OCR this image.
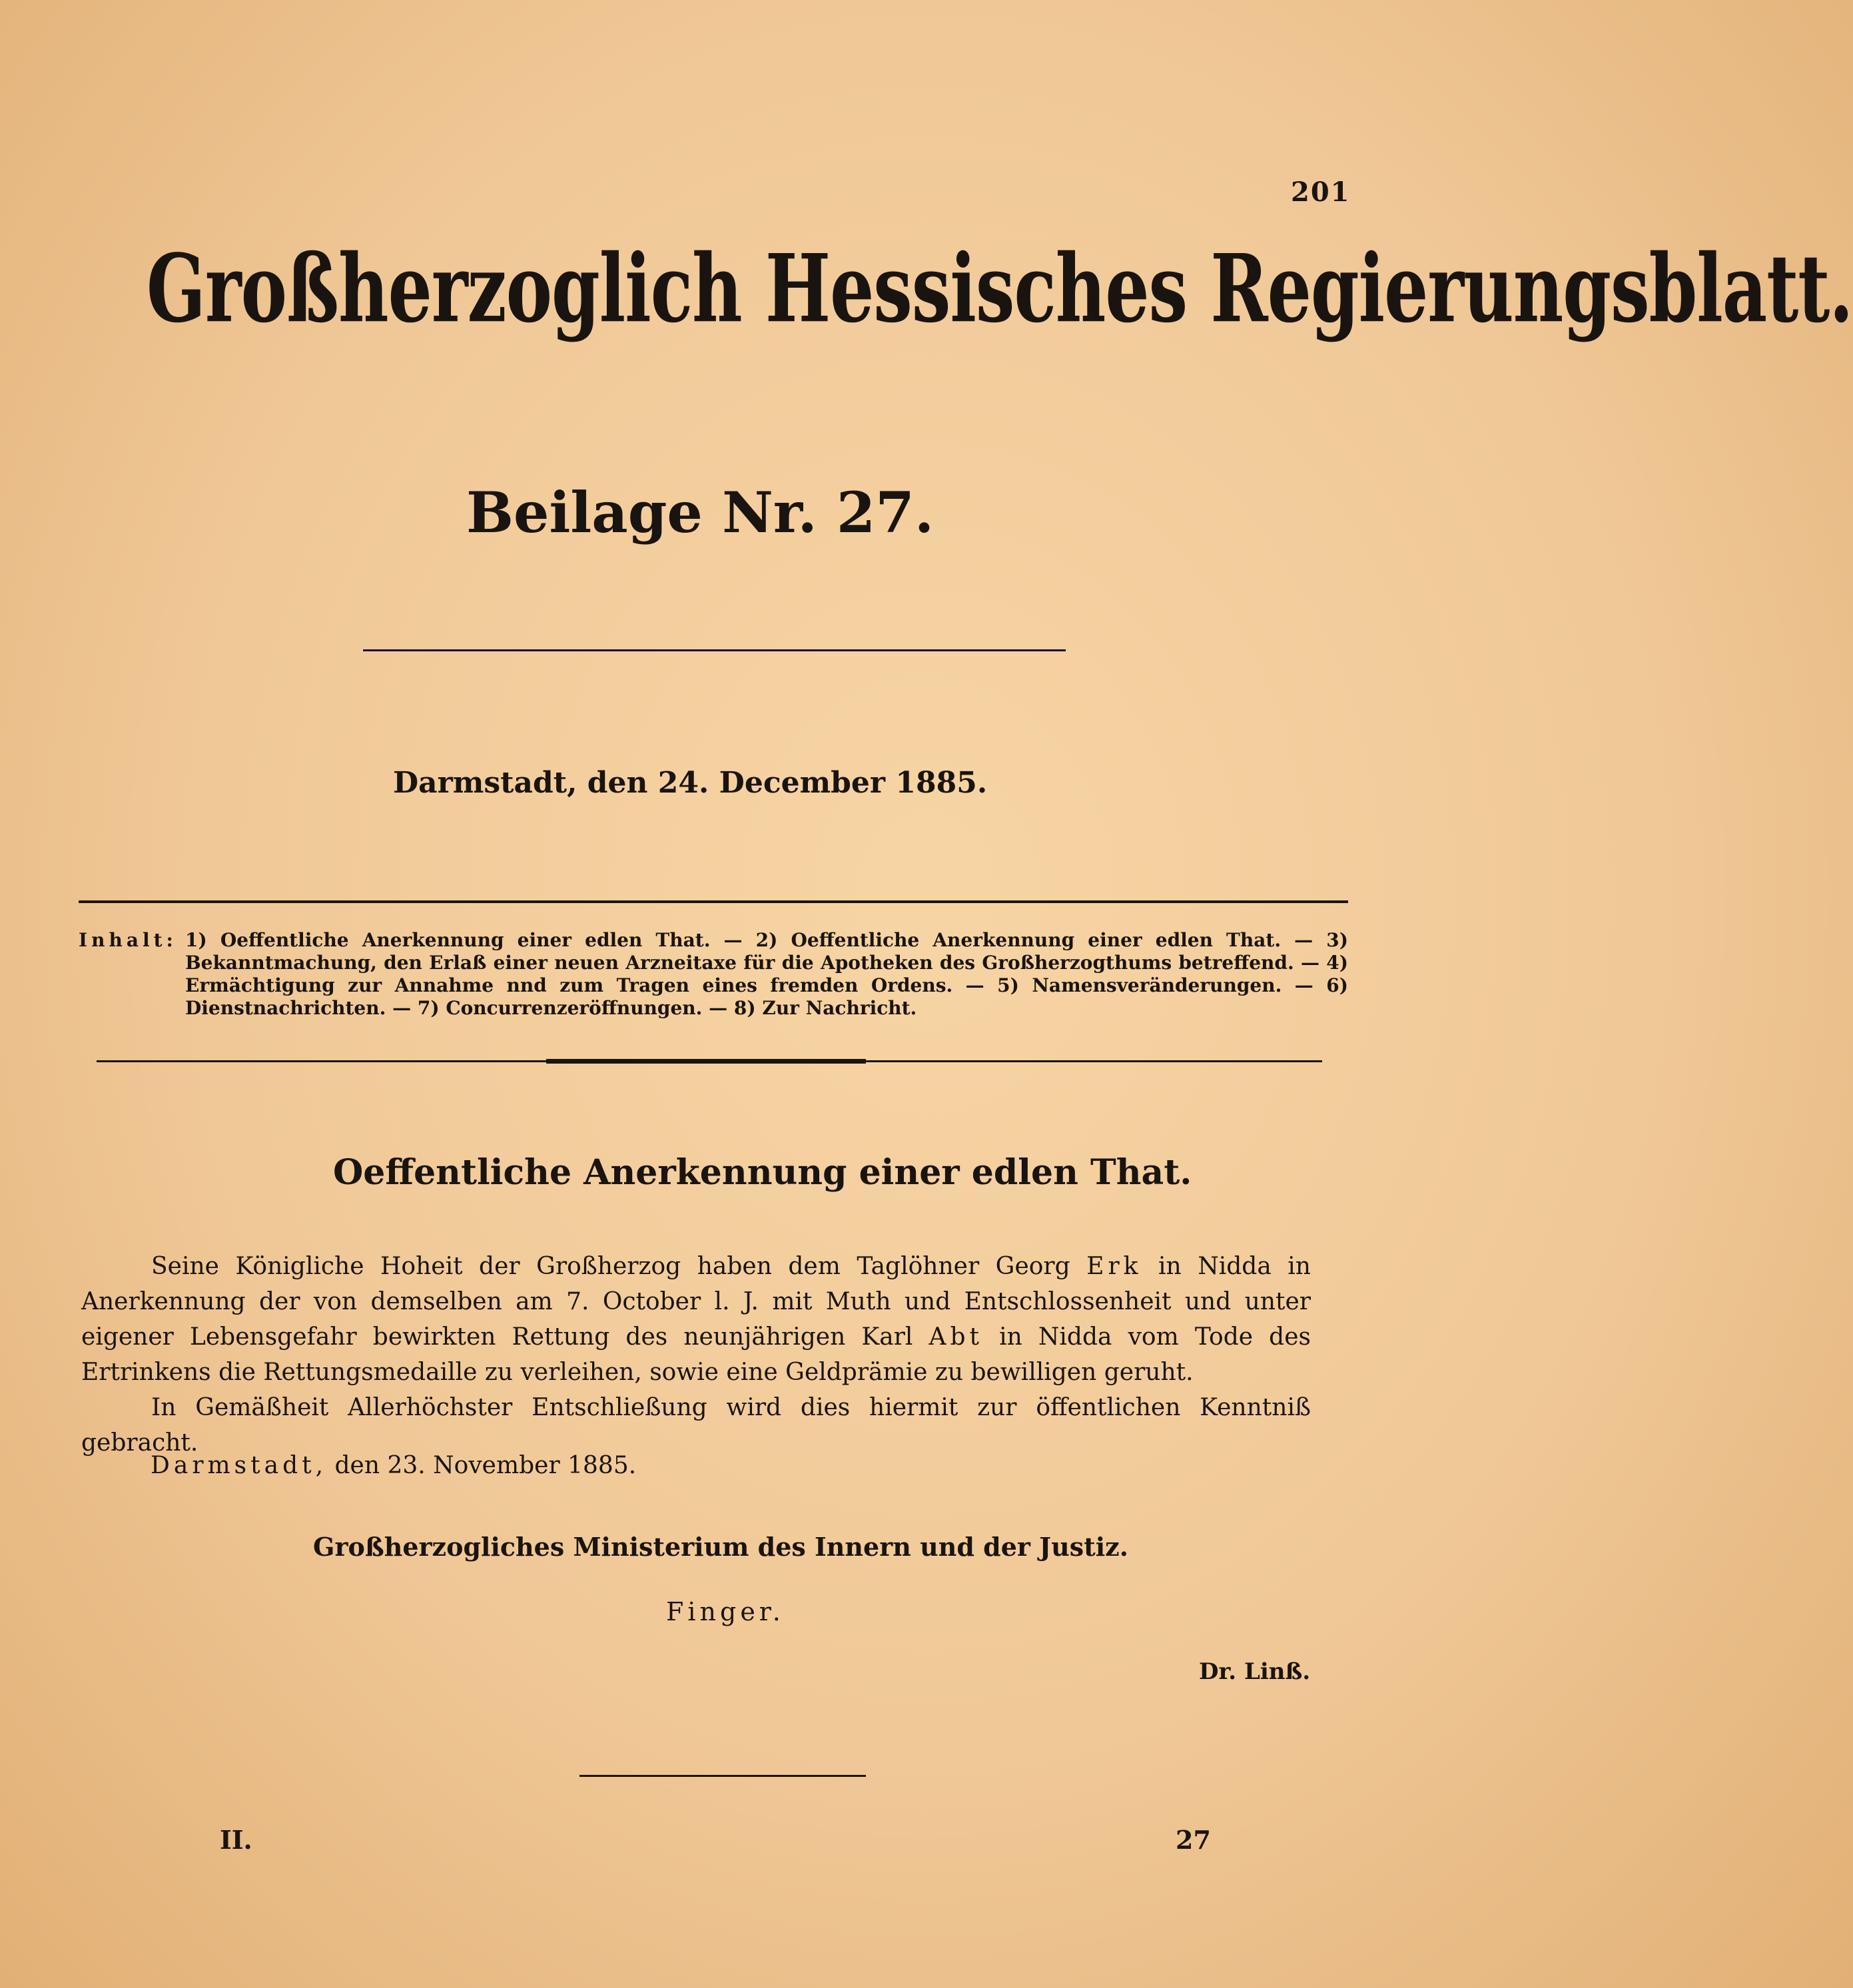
201
Großherzoglich Hessisches Regierungsblatt.
Beilage Nr. 27.
Darmstadt, den 24. December 1885.
Inhalt: 1) Oeffentliche Anerkennung einer edlen That. — 2) Oeffentliche Anerkennung einer edlen That. — 3) Bekanntmachung, den Erlaß einer neuen Arzneitaxe für die Apotheken des Großherzogthums betreffend. — 4) Ermächtigung zur Annahme nnd zum Tragen eines fremden Ordens. — 5) Namensveränderungen. — 6) Dienstnachrichten. — 7) Concurrenzeröffnungen. — 8) Zur Nachricht.
Oeffentliche Anerkennung einer edlen That.

Seine Königliche Hoheit der Großherzog haben dem Taglöhner Georg Erk in Nidda in Anerkennung der von demselben am 7. October l. J. mit Muth und Entschlossenheit und unter eigener Lebensgefahr bewirkten Rettung des neunjährigen Karl Abt in Nidda vom Tode des Ertrinkens die Rettungsmedaille zu verleihen, sowie eine Geldprämie zu bewilligen geruht.

In Gemäßheit Allerhöchster Entschließung wird dies hiermit zur öffentlichen Kenntniß gebracht.

Darmstadt, den 23. November 1885.
Großherzogliches Ministerium des Innern und der Justiz.
Finger.
Dr. Linß.
II.	27
